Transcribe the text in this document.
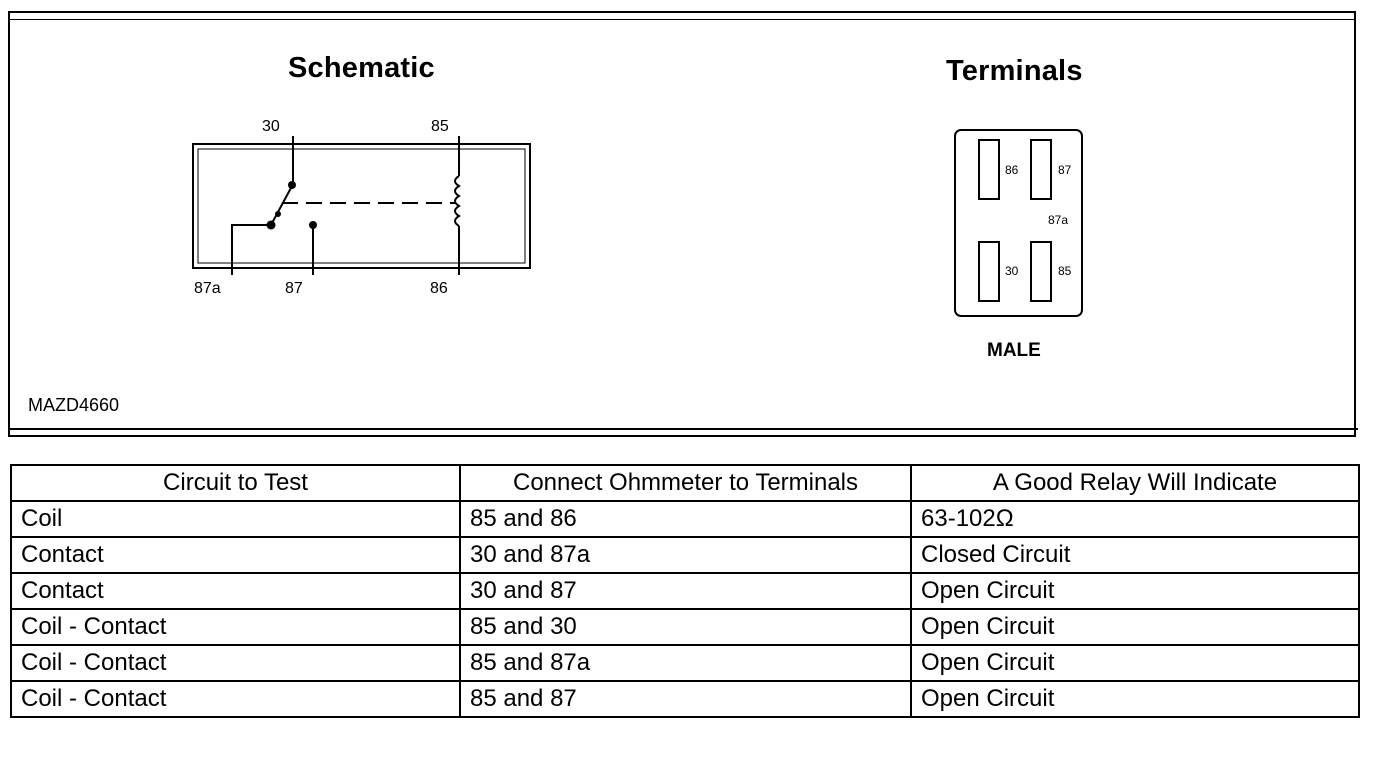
Schematic	Terminals
30	85
87a	87	86
86	87
87a
30	85
MALE
MAZD4660
Circuit to Test	Connect Ohmmeter to Terminals	A Good Relay Will Indicate
Coil	85 and 86	63-102Ω
Contact	30 and 87a	Closed Circuit
Contact	30 and 87	Open Circuit
Coil - Contact	85 and 30	Open Circuit
Coil - Contact	85 and 87a	Open Circuit
Coil - Contact	85 and 87	Open Circuit
